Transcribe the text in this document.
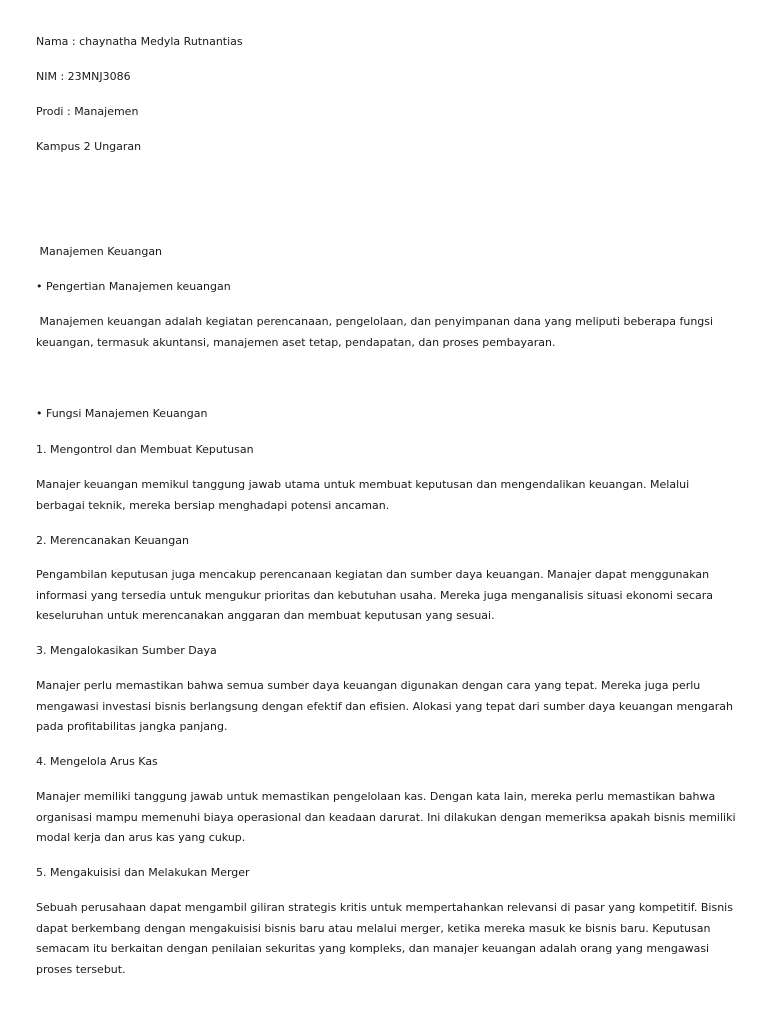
Nama : chaynatha Medyla Rutnantias

NIM : 23MNJ3086

Prodi : Manajemen

Kampus 2 Ungaran

Manajemen Keuangan

• Pengertian Manajemen keuangan

Manajemen keuangan adalah kegiatan perencanaan, pengelolaan, dan penyimpanan dana yang meliputi beberapa fungsi keuangan, termasuk akuntansi, manajemen aset tetap, pendapatan, dan proses pembayaran.

• Fungsi Manajemen Keuangan

1. Mengontrol dan Membuat Keputusan

Manajer keuangan memikul tanggung jawab utama untuk membuat keputusan dan mengendalikan keuangan. Melalui berbagai teknik, mereka bersiap menghadapi potensi ancaman.

2. Merencanakan Keuangan

Pengambilan keputusan juga mencakup perencanaan kegiatan dan sumber daya keuangan. Manajer dapat menggunakan informasi yang tersedia untuk mengukur prioritas dan kebutuhan usaha. Mereka juga menganalisis situasi ekonomi secara keseluruhan untuk merencanakan anggaran dan membuat keputusan yang sesuai.

3. Mengalokasikan Sumber Daya

Manajer perlu memastikan bahwa semua sumber daya keuangan digunakan dengan cara yang tepat. Mereka juga perlu mengawasi investasi bisnis berlangsung dengan efektif dan efisien. Alokasi yang tepat dari sumber daya keuangan mengarah pada profitabilitas jangka panjang.

4. Mengelola Arus Kas

Manajer memiliki tanggung jawab untuk memastikan pengelolaan kas. Dengan kata lain, mereka perlu memastikan bahwa organisasi mampu memenuhi biaya operasional dan keadaan darurat. Ini dilakukan dengan memeriksa apakah bisnis memiliki modal kerja dan arus kas yang cukup.

5. Mengakuisisi dan Melakukan Merger

Sebuah perusahaan dapat mengambil giliran strategis kritis untuk mempertahankan relevansi di pasar yang kompetitif. Bisnis dapat berkembang dengan mengakuisisi bisnis baru atau melalui merger, ketika mereka masuk ke bisnis baru. Keputusan semacam itu berkaitan dengan penilaian sekuritas yang kompleks, dan manajer keuangan adalah orang yang mengawasi proses tersebut.
